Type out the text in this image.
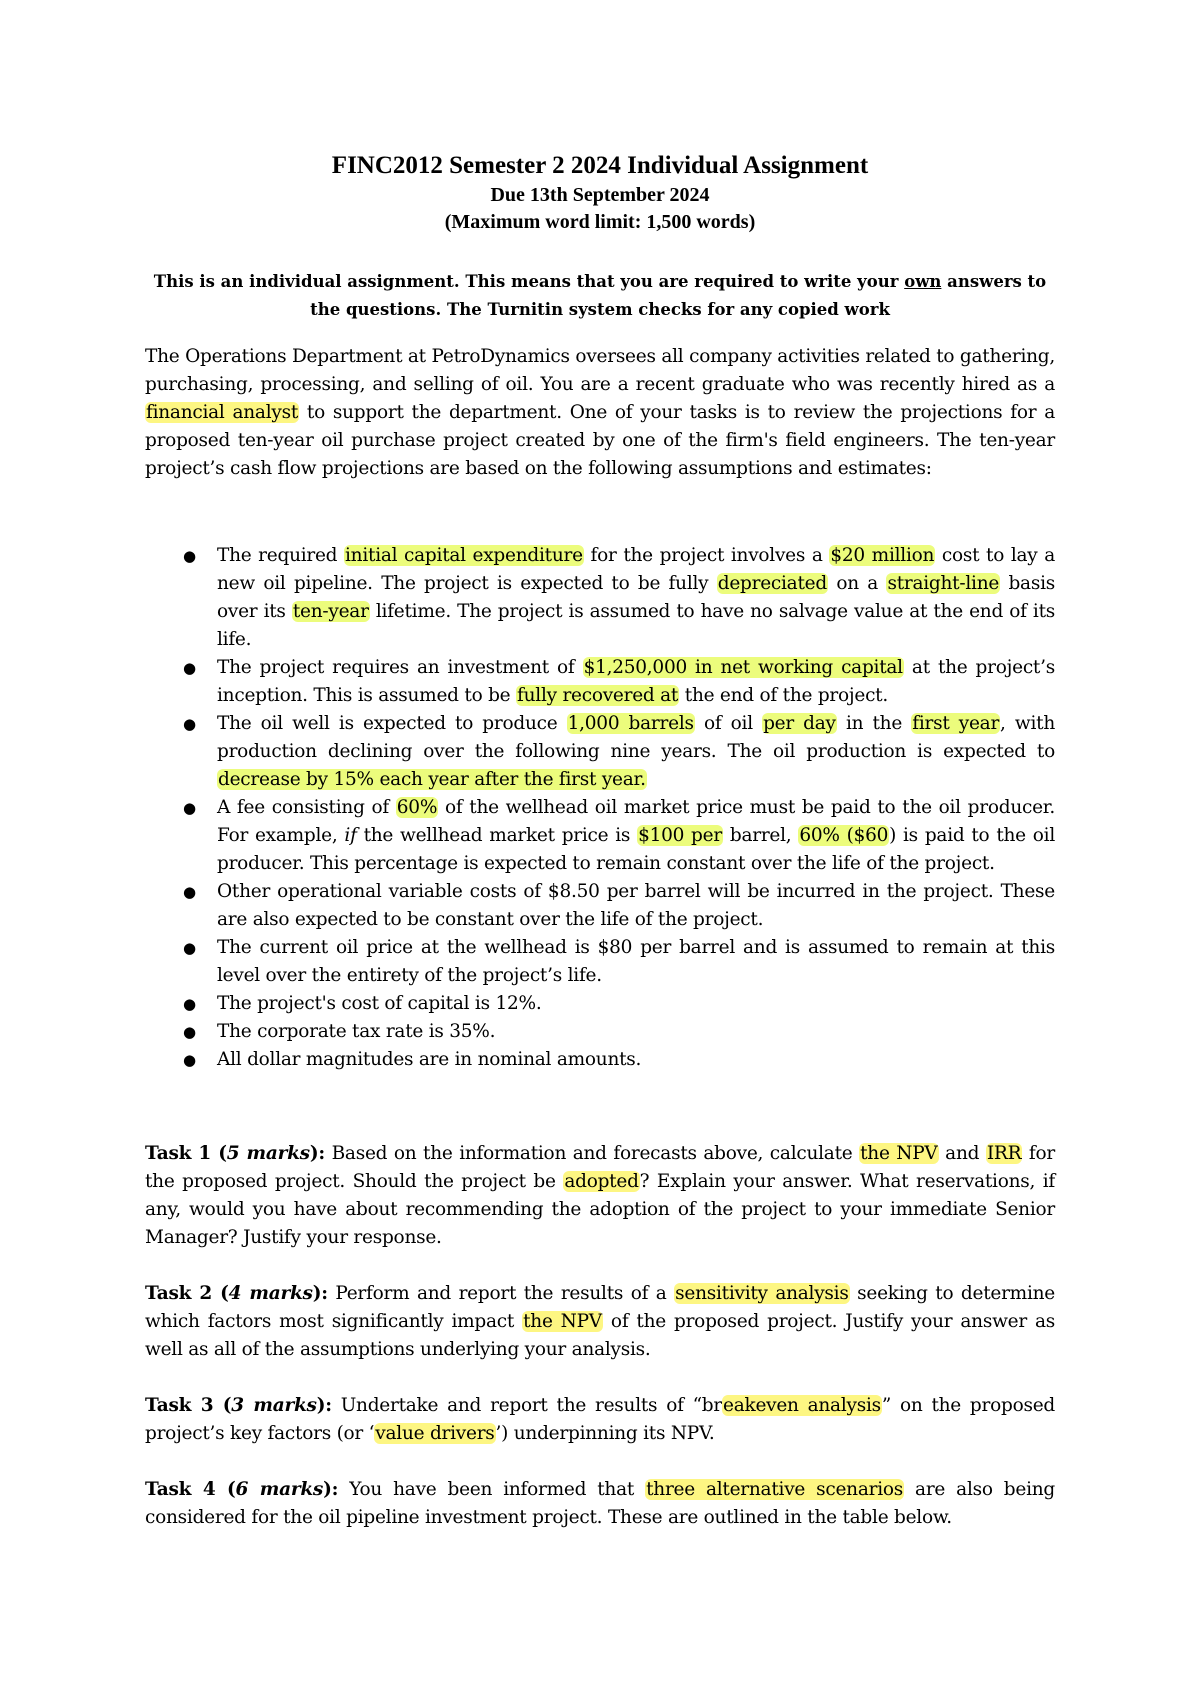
FINC2012 Semester 2 2024 Individual Assignment
Due 13th September 2024
(Maximum word limit: 1,500 words)
This is an individual assignment. This means that you are required to write your own answers to the questions. The Turnitin system checks for any copied work

The Operations Department at PetroDynamics oversees all company activities related to gathering, purchasing, processing, and selling of oil. You are a recent graduate who was recently hired as a financial analyst to support the department. One of your tasks is to review the projections for a proposed ten-year oil purchase project created by one of the firm's field engineers. The ten-year project’s cash flow projections are based on the following assumptions and estimates:

● The required initial capital expenditure for the project involves a $20 million cost to lay a new oil pipeline. The project is expected to be fully depreciated on a straight-line basis over its ten-year lifetime. The project is assumed to have no salvage value at the end of its life.
● The project requires an investment of $1,250,000 in net working capital at the project’s inception. This is assumed to be fully recovered at the end of the project.
● The oil well is expected to produce 1,000 barrels of oil per day in the first year, with production declining over the following nine years. The oil production is expected to decrease by 15% each year after the first year.
● A fee consisting of 60% of the wellhead oil market price must be paid to the oil producer. For example, if the wellhead market price is $100 per barrel, 60% ($60) is paid to the oil producer. This percentage is expected to remain constant over the life of the project.
● Other operational variable costs of $8.50 per barrel will be incurred in the project. These are also expected to be constant over the life of the project.
● The current oil price at the wellhead is $80 per barrel and is assumed to remain at this level over the entirety of the project’s life.
● The project's cost of capital is 12%.
● The corporate tax rate is 35%.
● All dollar magnitudes are in nominal amounts.

Task 1 (5 marks): Based on the information and forecasts above, calculate the NPV and IRR for the proposed project. Should the project be adopted? Explain your answer. What reservations, if any, would you have about recommending the adoption of the project to your immediate Senior Manager? Justify your response.

Task 2 (4 marks): Perform and report the results of a sensitivity analysis seeking to determine which factors most significantly impact the NPV of the proposed project. Justify your answer as well as all of the assumptions underlying your analysis.

Task 3 (3 marks): Undertake and report the results of “breakeven analysis” on the proposed project’s key factors (or ‘value drivers’) underpinning its NPV.

Task 4 (6 marks): You have been informed that three alternative scenarios are also being considered for the oil pipeline investment project. These are outlined in the table below.
